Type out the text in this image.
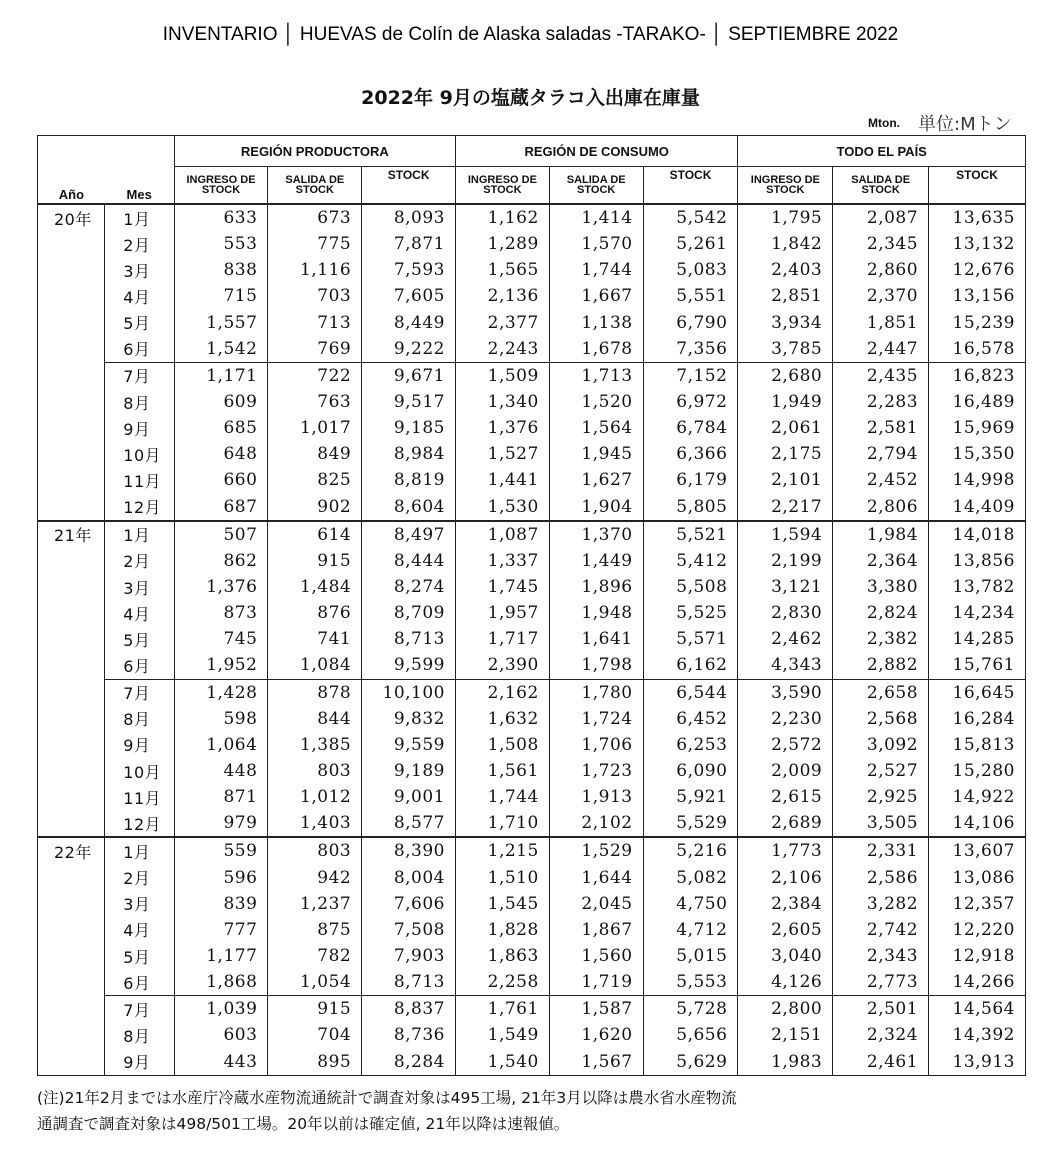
INVENTARIO │ HUEVAS de Colín de Alaska saladas -TARAKO- │ SEPTIEMBRE 2022
2022年 9月の塩蔵タラコ入出庫在庫量
Mton. 単位:Mトン
		REGIÓN PRODUCTORA			REGIÓN DE CONSUMO			TODO EL PAÍS		
Año	Mes	INGRESO DE STOCK	SALIDA DE STOCK	STOCK	INGRESO DE STOCK	SALIDA DE STOCK	STOCK	INGRESO DE STOCK	SALIDA DE STOCK	STOCK
20年	1月	633	673	8,093	1,162	1,414	5,542	1,795	2,087	13,635
	2月	553	775	7,871	1,289	1,570	5,261	1,842	2,345	13,132
	3月	838	1,116	7,593	1,565	1,744	5,083	2,403	2,860	12,676
	4月	715	703	7,605	2,136	1,667	5,551	2,851	2,370	13,156
	5月	1,557	713	8,449	2,377	1,138	6,790	3,934	1,851	15,239
	6月	1,542	769	9,222	2,243	1,678	7,356	3,785	2,447	16,578
	7月	1,171	722	9,671	1,509	1,713	7,152	2,680	2,435	16,823
	8月	609	763	9,517	1,340	1,520	6,972	1,949	2,283	16,489
	9月	685	1,017	9,185	1,376	1,564	6,784	2,061	2,581	15,969
	10月	648	849	8,984	1,527	1,945	6,366	2,175	2,794	15,350
	11月	660	825	8,819	1,441	1,627	6,179	2,101	2,452	14,998
	12月	687	902	8,604	1,530	1,904	5,805	2,217	2,806	14,409
21年	1月	507	614	8,497	1,087	1,370	5,521	1,594	1,984	14,018
	2月	862	915	8,444	1,337	1,449	5,412	2,199	2,364	13,856
	3月	1,376	1,484	8,274	1,745	1,896	5,508	3,121	3,380	13,782
	4月	873	876	8,709	1,957	1,948	5,525	2,830	2,824	14,234
	5月	745	741	8,713	1,717	1,641	5,571	2,462	2,382	14,285
	6月	1,952	1,084	9,599	2,390	1,798	6,162	4,343	2,882	15,761
	7月	1,428	878	10,100	2,162	1,780	6,544	3,590	2,658	16,645
	8月	598	844	9,832	1,632	1,724	6,452	2,230	2,568	16,284
	9月	1,064	1,385	9,559	1,508	1,706	6,253	2,572	3,092	15,813
	10月	448	803	9,189	1,561	1,723	6,090	2,009	2,527	15,280
	11月	871	1,012	9,001	1,744	1,913	5,921	2,615	2,925	14,922
	12月	979	1,403	8,577	1,710	2,102	5,529	2,689	3,505	14,106
22年	1月	559	803	8,390	1,215	1,529	5,216	1,773	2,331	13,607
	2月	596	942	8,004	1,510	1,644	5,082	2,106	2,586	13,086
	3月	839	1,237	7,606	1,545	2,045	4,750	2,384	3,282	12,357
	4月	777	875	7,508	1,828	1,867	4,712	2,605	2,742	12,220
	5月	1,177	782	7,903	1,863	1,560	5,015	3,040	2,343	12,918
	6月	1,868	1,054	8,713	2,258	1,719	5,553	4,126	2,773	14,266
	7月	1,039	915	8,837	1,761	1,587	5,728	2,800	2,501	14,564
	8月	603	704	8,736	1,549	1,620	5,656	2,151	2,324	14,392
	9月	443	895	8,284	1,540	1,567	5,629	1,983	2,461	13,913
(注)21年2月までは水産庁冷蔵水産物流通統計で調査対象は495工場, 21年3月以降は農水省水産物流
通調査で調査対象は498/501工場。20年以前は確定値, 21年以降は速報値。
